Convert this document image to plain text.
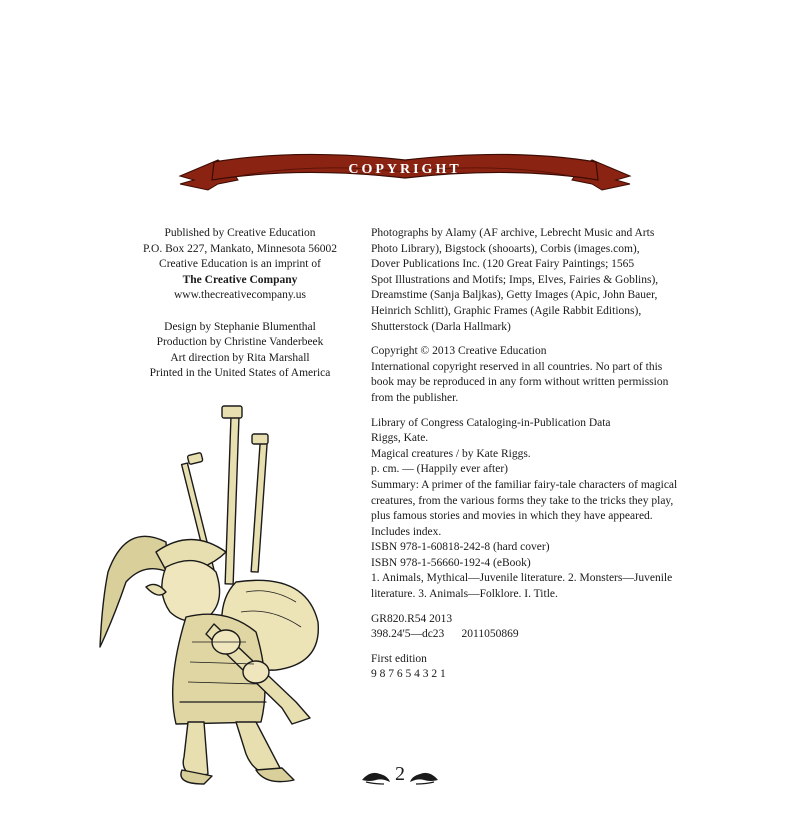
COPYRIGHT

Published by Creative Education

P.O. Box 227, Mankato, Minnesota 56002

Creative Education is an imprint of

The Creative Company

www.thecreativecompany.us

Design by Stephanie Blumenthal

Production by Christine Vanderbeek

Art direction by Rita Marshall

Printed in the United States of America

Photographs by Alamy (AF archive, Lebrecht Music and Arts

Photo Library), Bigstock (shooarts), Corbis (images.com),

Dover Publications Inc. (120 Great Fairy Paintings; 1565

Spot Illustrations and Motifs; Imps, Elves, Fairies & Goblins),

Dreamstime (Sanja Baljkas), Getty Images (Apic, John Bauer,

Heinrich Schlitt), Graphic Frames (Agile Rabbit Editions),

Shutterstock (Darla Hallmark)

Copyright © 2013 Creative Education

International copyright reserved in all countries. No part of this

book may be reproduced in any form without written permission

from the publisher.

Library of Congress Cataloging-in-Publication Data

Riggs, Kate.

Magical creatures / by Kate Riggs.

p. cm. — (Happily ever after)

Summary: A primer of the familiar fairy-tale characters of magical

creatures, from the various forms they take to the tricks they play,

plus famous stories and movies in which they have appeared.

Includes index.

ISBN 978-1-60818-242-8 (hard cover)

ISBN 978-1-56660-192-4 (eBook)

1. Animals, Mythical—Juvenile literature. 2. Monsters—Juvenile

literature. 3. Animals—Folklore. I. Title.

GR820.R54 2013

398.24'5—dc23      2011050869

First edition

9 8 7 6 5 4 3 2 1

2
